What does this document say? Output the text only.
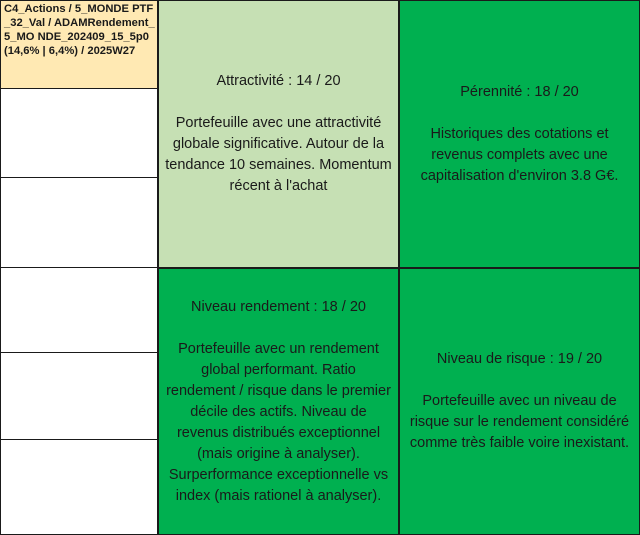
C4_Actions / 5_MONDE PTF_32_Val / ADAMRendement_5_MO NDE_202409_15_5p0 (14,6% | 6,4%) / 2025W27
Attractivité : 14 / 20
Portefeuille avec une attractivité globale significative. Autour de la tendance 10 semaines. Momentum récent à l'achat
Pérennité : 18 / 20
Historiques des cotations et revenus complets avec une capitalisation d'environ 3.8 G€.
Niveau rendement : 18 / 20
Portefeuille avec un rendement global performant. Ratio rendement / risque dans le premier décile des actifs. Niveau de revenus distribués exceptionnel (mais origine à analyser). Surperformance exceptionnelle vs index (mais rationel à analyser).
Niveau de risque : 19 / 20
Portefeuille avec un niveau de risque sur le rendement considéré comme très faible voire inexistant.
